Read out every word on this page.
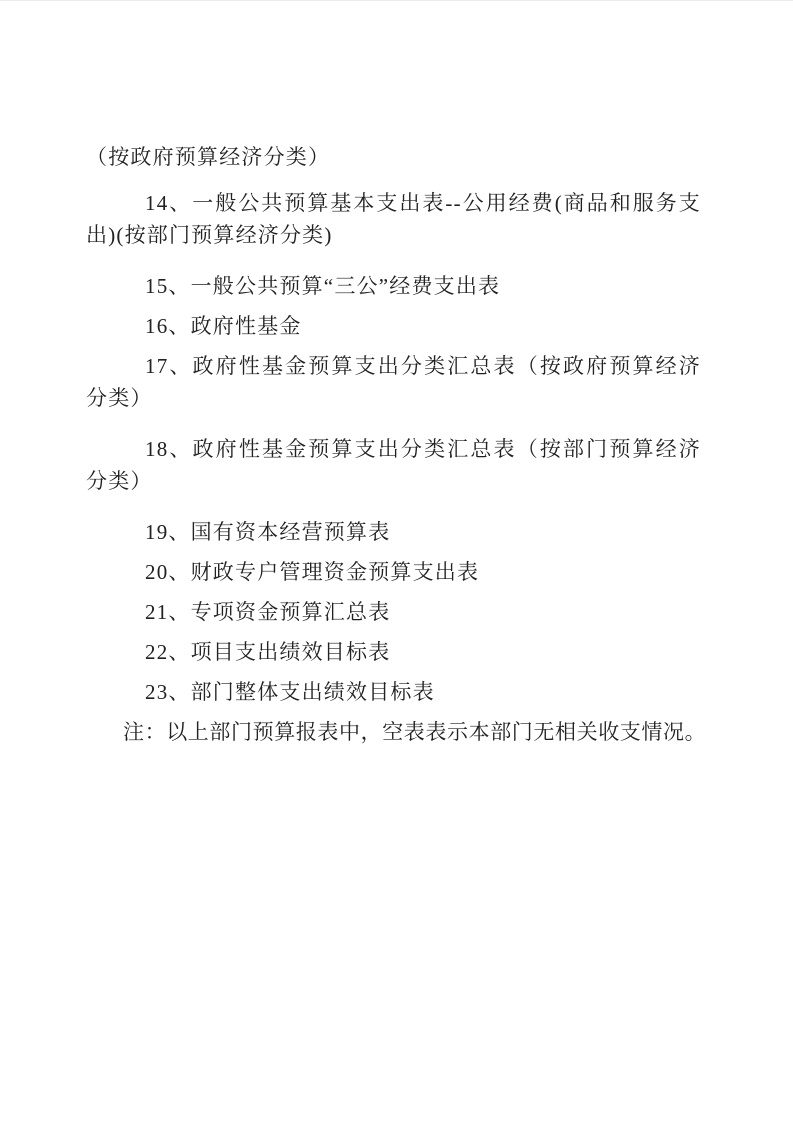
（按政府预算经济分类）
14、一般公共预算基本支出表--公用经费(商品和服务支出)(按部门预算经济分类)
15、一般公共预算“三公”经费支出表
16、政府性基金
17、政府性基金预算支出分类汇总表（按政府预算经济分类）
18、政府性基金预算支出分类汇总表（按部门预算经济分类）
19、国有资本经营预算表
20、财政专户管理资金预算支出表
21、专项资金预算汇总表
22、项目支出绩效目标表
23、部门整体支出绩效目标表
注：以上部门预算报表中，空表表示本部门无相关收支情况。
